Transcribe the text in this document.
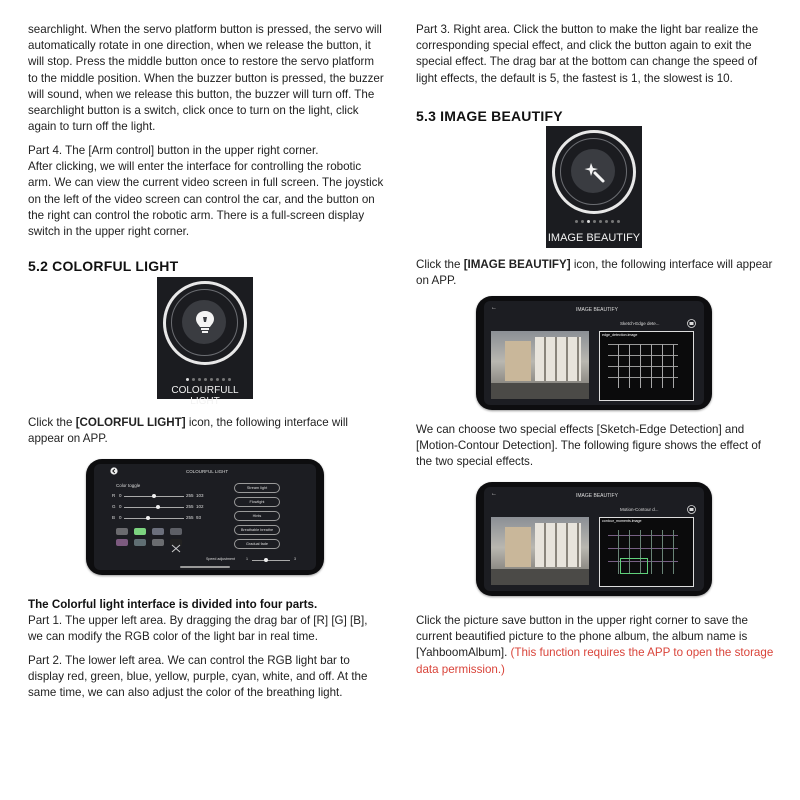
searchlight. When the servo platform button is pressed, the servo will automatically rotate in one direction, when we release the button, it will stop. Press the middle button once to restore the servo platform to the middle position. When the buzzer button is pressed, the buzzer will sound, when we release this button, the buzzer will turn off. The searchlight button is a switch, click once to turn on the light, click again to turn off the light.

Part 4. The [Arm control] button in the upper right corner.
After clicking, we will enter the interface for controlling the robotic arm. We can view the current video screen in full screen. The joystick on the left of the video screen can control the car, and the button on the right can control the robotic arm. There is a full-screen display switch in the upper right corner.

5.2 COLORFUL LIGHT

Click the [COLORFUL LIGHT] icon, the following interface will appear on APP.

The Colorful light interface is divided into four parts.

Part 1. The upper left area. By dragging the drag bar of [R] [G] [B], we can modify the RGB color of the light bar in real time.

Part 2. The lower left area. We can control the RGB light bar to display red, green, blue, yellow, purple, cyan, white, and off. At the same time, we can also adjust the color of the breathing light.

COLOURFULL LIGHT
COLOURFUL LIGHT
Color toggle
R 0	255 103
G 0	255 102
B 0	255 93
Stream light
Flowlight
Hints
Breathable breathe
Gradual fade
Speed adjustment	1	3

Part 3. Right area. Click the button to make the light bar realize the corresponding special effect, and click the button again to exit the special effect. The drag bar at the bottom can change the speed of light effects, the default is 5, the fastest is 1, the slowest is 10.

5.3 IMAGE BEAUTIFY

Click the [IMAGE BEAUTIFY] icon, the following interface will appear on APP.

We can choose two special effects [Sketch-Edge Detection] and [Motion-Contour Detection]. The following figure shows the effect of the two special effects.

Click the picture save button in the upper right corner to save the current beautified picture to the phone album, the album name is [YahboomAlbum]. (This function requires the APP to open the storage data permission.)

IMAGE BEAUTIFY
←	IMAGE BEAUTIFY
Sketch-Edge dete...
edge_detection.image
←	IMAGE BEAUTIFY
Motion-Contour d...
contour_moments.image
